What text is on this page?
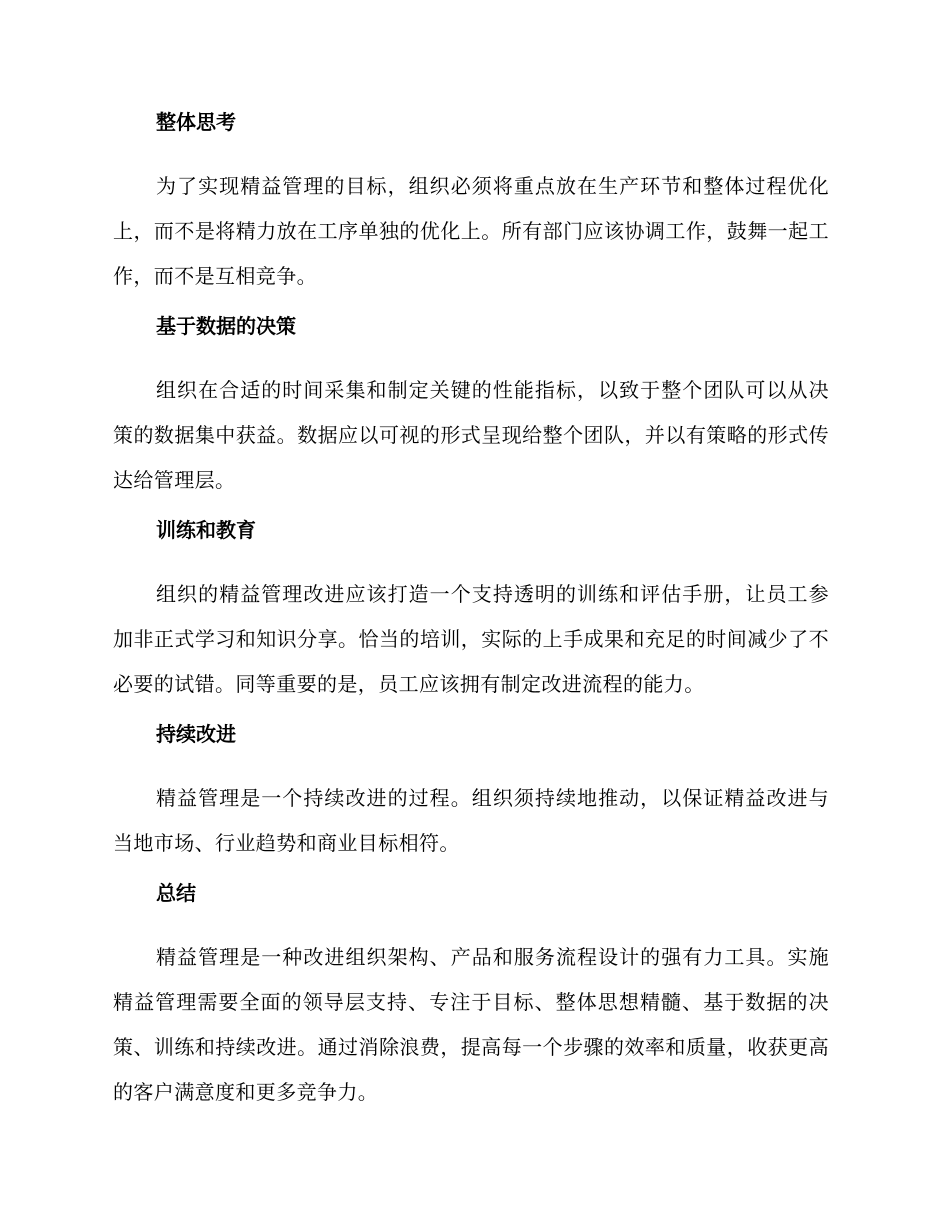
整体思考

为了实现精益管理的目标，组织必须将重点放在生产环节和整体过程优化上，而不是将精力放在工序单独的优化上。所有部门应该协调工作，鼓舞一起工作，而不是互相竞争。

基于数据的决策

组织在合适的时间采集和制定关键的性能指标，以致于整个团队可以从决策的数据集中获益。数据应以可视的形式呈现给整个团队，并以有策略的形式传达给管理层。

训练和教育

组织的精益管理改进应该打造一个支持透明的训练和评估手册，让员工参加非正式学习和知识分享。恰当的培训，实际的上手成果和充足的时间减少了不必要的试错。同等重要的是，员工应该拥有制定改进流程的能力。

持续改进

精益管理是一个持续改进的过程。组织须持续地推动，以保证精益改进与当地市场、行业趋势和商业目标相符。

总结

精益管理是一种改进组织架构、产品和服务流程设计的强有力工具。实施精益管理需要全面的领导层支持、专注于目标、整体思想精髓、基于数据的决策、训练和持续改进。通过消除浪费，提高每一个步骤的效率和质量，收获更高的客户满意度和更多竞争力。
